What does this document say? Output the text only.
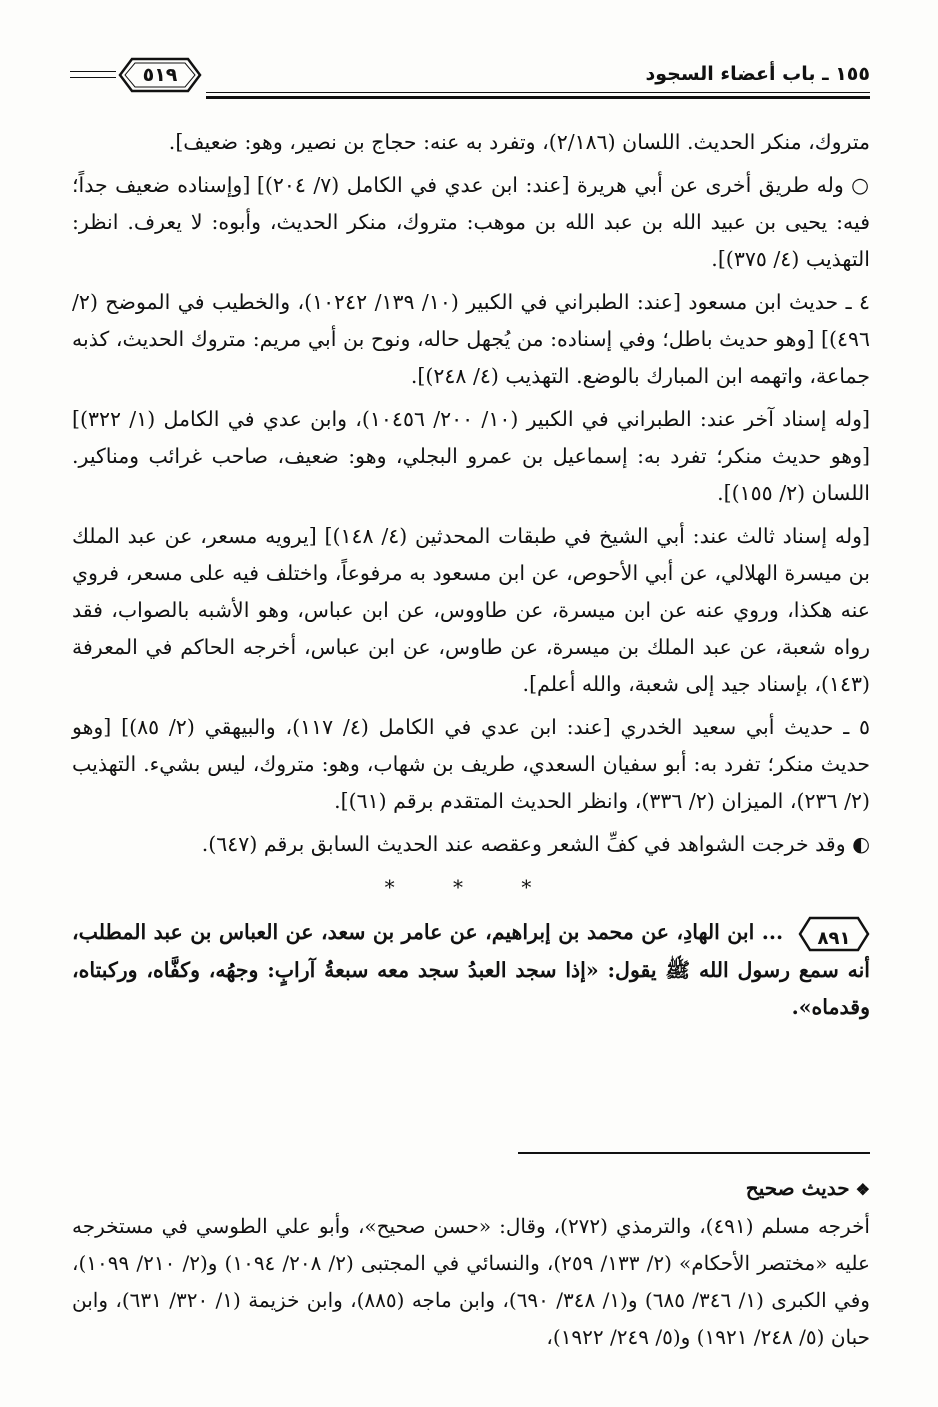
٥١٩	١٥٥ ـ باب أعضاء السجود

متروك، منكر الحديث. اللسان (٢/١٨٦)، وتفرد به عنه: حجاج بن نصير، وهو: ضعيف].

○ وله طريق أخرى عن أبي هريرة [عند: ابن عدي في الكامل (٧/ ٢٠٤)] [وإسناده ضعيف جداً؛ فيه: يحيى بن عبيد الله بن عبد الله بن موهب: متروك، منكر الحديث، وأبوه: لا يعرف. انظر: التهذيب (٤/ ٣٧٥)].

٤ ـ حديث ابن مسعود [عند: الطبراني في الكبير (١٠/ ١٣٩/ ١٠٢٤٢)، والخطيب في الموضح (٢/ ٤٩٦)] [وهو حديث باطل؛ وفي إسناده: من يُجهل حاله، ونوح بن أبي مريم: متروك الحديث، كذبه جماعة، واتهمه ابن المبارك بالوضع. التهذيب (٤/ ٢٤٨)].

[وله إسناد آخر عند: الطبراني في الكبير (١٠/ ٢٠٠/ ١٠٤٥٦)، وابن عدي في الكامل (١/ ٣٢٢)] [وهو حديث منكر؛ تفرد به: إسماعيل بن عمرو البجلي، وهو: ضعيف، صاحب غرائب ومناكير. اللسان (٢/ ١٥٥)].

[وله إسناد ثالث عند: أبي الشيخ في طبقات المحدثين (٤/ ١٤٨)] [يرويه مسعر، عن عبد الملك بن ميسرة الهلالي، عن أبي الأحوص، عن ابن مسعود به مرفوعاً، واختلف فيه على مسعر، فروي عنه هكذا، وروي عنه عن ابن ميسرة، عن طاووس، عن ابن عباس، وهو الأشبه بالصواب، فقد رواه شعبة، عن عبد الملك بن ميسرة، عن طاوس، عن ابن عباس، أخرجه الحاكم في المعرفة (١٤٣)، بإسناد جيد إلى شعبة، والله أعلم].

٥ ـ حديث أبي سعيد الخدري [عند: ابن عدي في الكامل (٤/ ١١٧)، والبيهقي (٢/ ٨٥)] [وهو حديث منكر؛ تفرد به: أبو سفيان السعدي، طريف بن شهاب، وهو: متروك، ليس بشيء. التهذيب (٢/ ٢٣٦)، الميزان (٢/ ٣٣٦)، وانظر الحديث المتقدم برقم (٦١)].

◐ وقد خرجت الشواهد في كفِّ الشعر وعقصه عند الحديث السابق برقم (٦٤٧).

* * *

٨٩١
... ابن الهادِ، عن محمد بن إبراهيم، عن عامر بن سعد، عن العباس بن عبد المطلب، أنه سمع رسول الله ﷺ يقول: «إذا سجد العبدُ سجد معه سبعةُ آرابٍ: وجهُه، وكفَّاه، وركبتاه، وقدماه».

❖حديث صحيح

أخرجه مسلم (٤٩١)، والترمذي (٢٧٢)، وقال: «حسن صحيح»، وأبو علي الطوسي في مستخرجه عليه «مختصر الأحكام» (٢/ ١٣٣/ ٢٥٩)، والنسائي في المجتبى (٢/ ٢٠٨/ ١٠٩٤) و(٢/ ٢١٠/ ١٠٩٩)، وفي الكبرى (١/ ٣٤٦/ ٦٨٥) و(١/ ٣٤٨/ ٦٩٠)، وابن ماجه (٨٨٥)، وابن خزيمة (١/ ٣٢٠/ ٦٣١)، وابن حبان (٥/ ٢٤٨/ ١٩٢١) و(٥/ ٢٤٩/ ١٩٢٢)،
